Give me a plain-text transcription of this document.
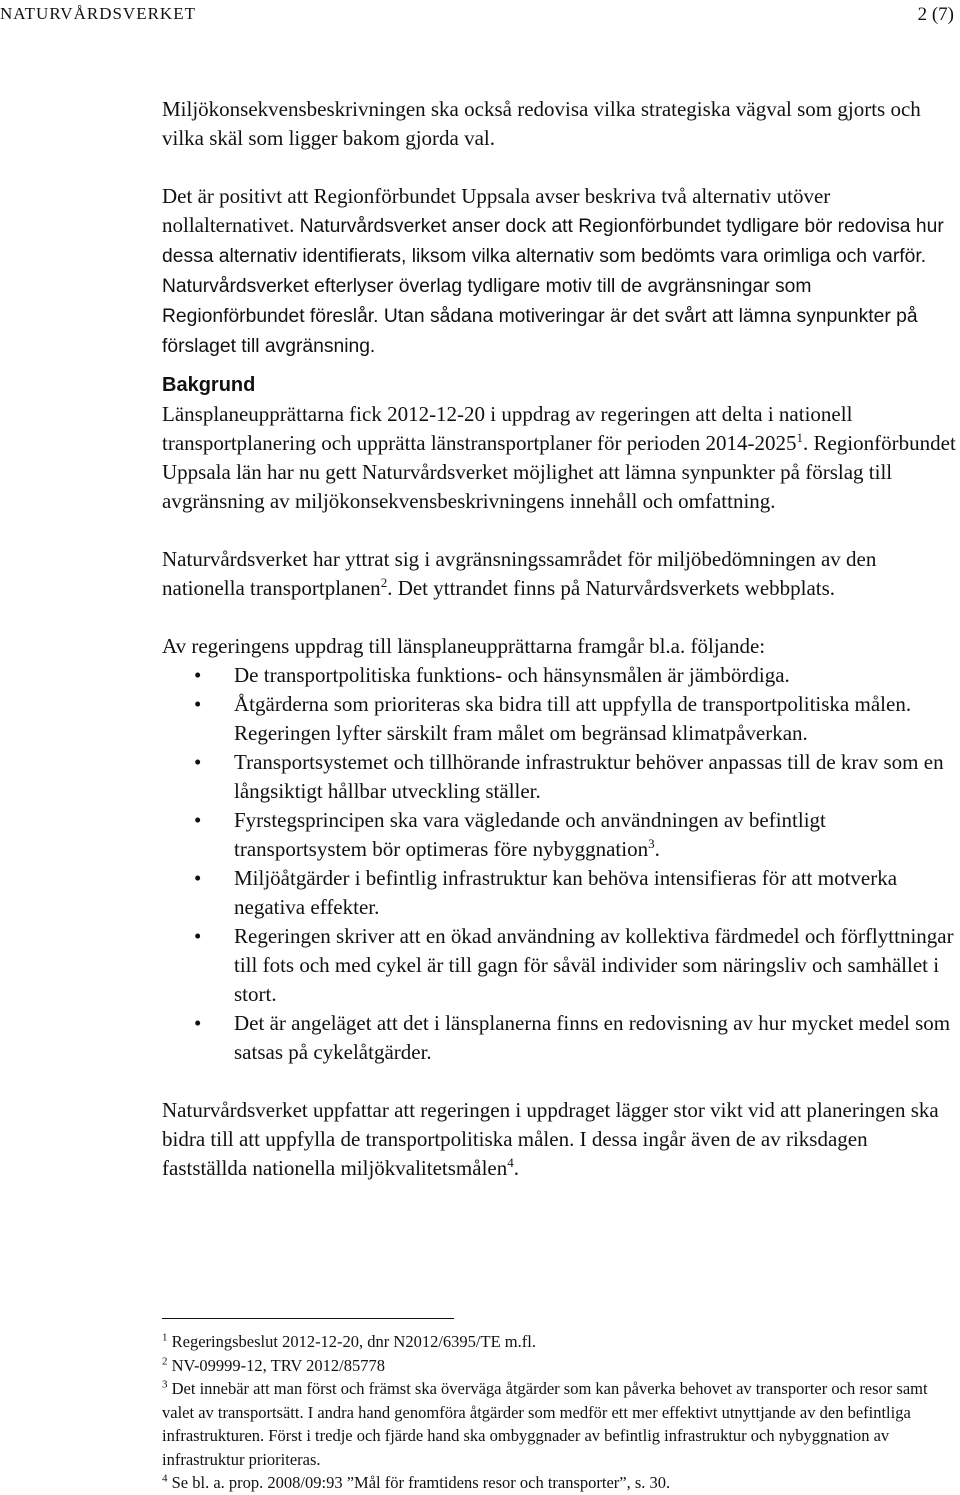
NATURVÅRDSVERKET	2 (7)

Miljökonsekvensbeskrivningen ska också redovisa vilka strategiska vägval som gjorts och vilka skäl som ligger bakom gjorda val.

Det är positivt att Regionförbundet Uppsala avser beskriva två alternativ utöver nollalternativet. Naturvårdsverket anser dock att Regionförbundet tydligare bör redovisa hur dessa alternativ identifierats, liksom vilka alternativ som bedömts vara orimliga och varför. Naturvårdsverket efterlyser överlag tydligare motiv till de avgränsningar som Regionförbundet föreslår. Utan sådana motiveringar är det svårt att lämna synpunkter på förslaget till avgränsning.

Bakgrund

Länsplaneupprättarna fick 2012-12-20 i uppdrag av regeringen att delta i nationell transportplanering och upprätta länstransportplaner för perioden 2014-2025$^1$. Regionförbundet Uppsala län har nu gett Naturvårdsverket möjlighet att lämna synpunkter på förslag till avgränsning av miljökonsekvensbeskrivningens innehåll och omfattning.

Naturvårdsverket har yttrat sig i avgränsningssamrådet för miljöbedömningen av den nationella transportplanen$^2$. Det yttrandet finns på Naturvårdsverkets webbplats.

Av regeringens uppdrag till länsplaneupprättarna framgår bl.a. följande:

• De transportpolitiska funktions- och hänsynsmålen är jämbördiga.
• Åtgärderna som prioriteras ska bidra till att uppfylla de transportpolitiska målen. Regeringen lyfter särskilt fram målet om begränsad klimatpåverkan.
• Transportsystemet och tillhörande infrastruktur behöver anpassas till de krav som en långsiktigt hållbar utveckling ställer.
• Fyrstegsprincipen ska vara vägledande och användningen av befintligt transportsystem bör optimeras före nybyggnation$^3$.
• Miljöåtgärder i befintlig infrastruktur kan behöva intensifieras för att motverka negativa effekter.
• Regeringen skriver att en ökad användning av kollektiva färdmedel och förflyttningar till fots och med cykel är till gagn för såväl individer som näringsliv och samhället i stort.
• Det är angeläget att det i länsplanerna finns en redovisning av hur mycket medel som satsas på cykelåtgärder.

Naturvårdsverket uppfattar att regeringen i uppdraget lägger stor vikt vid att planeringen ska bidra till att uppfylla de transportpolitiska målen. I dessa ingår även de av riksdagen fastställda nationella miljökvalitetsmålen$^4$.

$^1$ Regeringsbeslut 2012-12-20, dnr N2012/6395/TE m.fl.

$^2$ NV-09999-12, TRV 2012/85778

$^3$ Det innebär att man först och främst ska överväga åtgärder som kan påverka behovet av transporter och resor samt valet av transportsätt. I andra hand genomföra åtgärder som medför ett mer effektivt utnyttjande av den befintliga infrastrukturen. Först i tredje och fjärde hand ska ombyggnader av befintlig infrastruktur och nybyggnation av infrastruktur prioriteras.

$^4$ Se bl. a. prop. 2008/09:93 ”Mål för framtidens resor och transporter”, s. 30.
